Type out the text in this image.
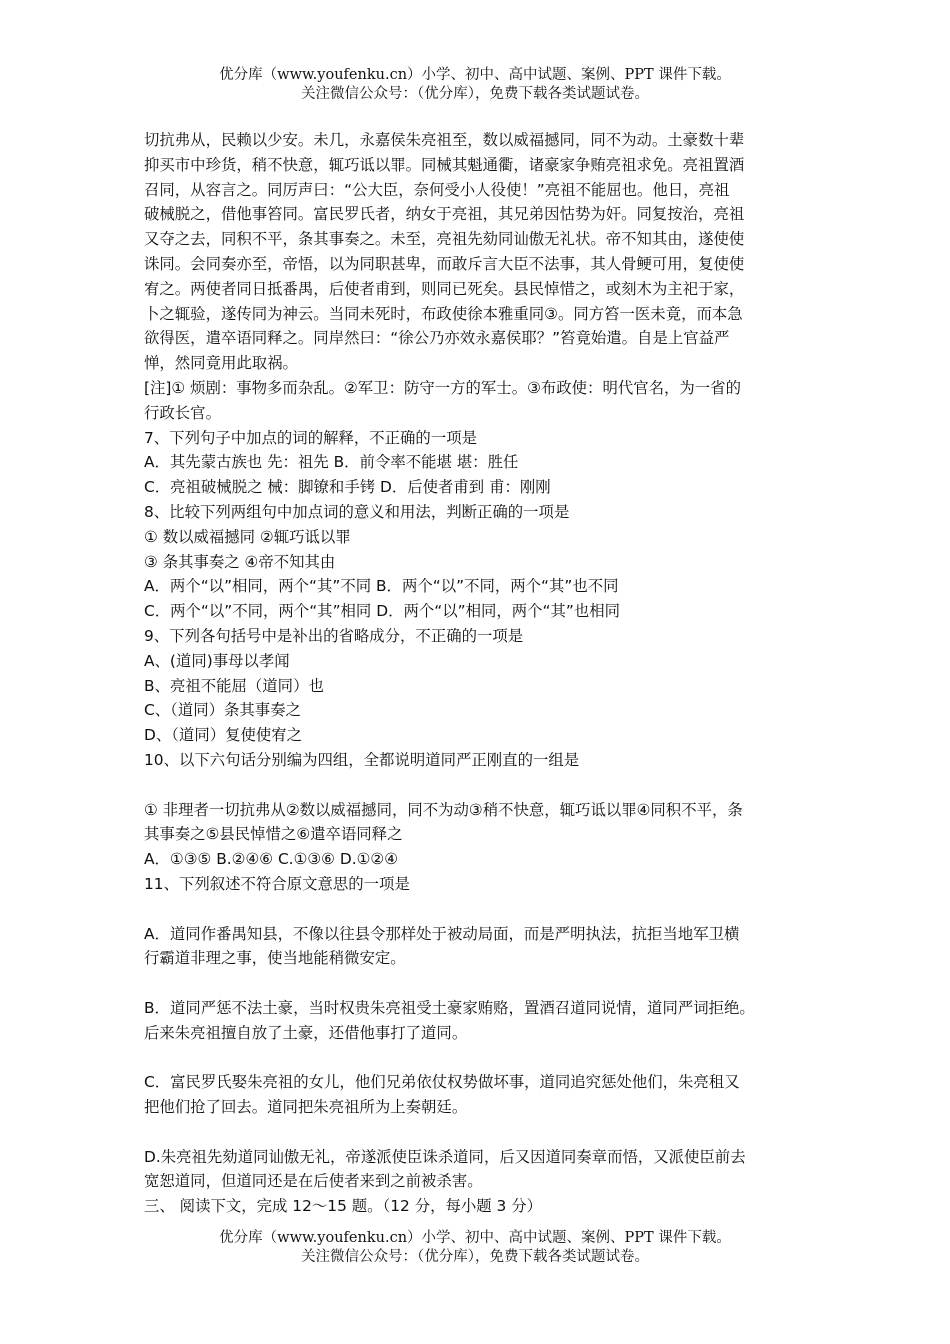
优分库（www.youfenku.cn）小学、初中、高中试题、案例、PPT 课件下载。
关注微信公众号：（优分库），免费下载各类试题试卷。
切抗弗从，民赖以少安。未几，永嘉侯朱亮祖至，数以威福撼同，同不为动。土豪数十辈
抑买市中珍货，稍不快意，辄巧诋以罪。同械其魁通衢，诸豪家争贿亮祖求免。亮祖置酒
召同，从容言之。同厉声曰：“公大臣，奈何受小人役使！”亮祖不能屈也。他日，亮祖
破械脱之，借他事笞同。富民罗氏者，纳女于亮祖，其兄弟因怙势为奸。同复按治，亮祖
又夺之去，同积不平，条其事奏之。未至，亮祖先劾同讪傲无礼状。帝不知其由，遂使使
诛同。会同奏亦至，帝悟，以为同职甚卑，而敢斥言大臣不法事，其人骨鲠可用，复使使
宥之。两使者同日抵番禺，后使者甫到，则同已死矣。县民悼惜之，或刻木为主祀于家，
卜之辄验，遂传同为神云。当同未死时，布政使徐本雅重同③。同方笞一医未竟，而本急
欲得医，遣卒语同释之。同岸然曰：“徐公乃亦效永嘉侯耶？”笞竟始遣。自是上官益严
惮，然同竟用此取祸。
[注]① 烦剧：事物多而杂乱。②军卫：防守一方的军士。③布政使：明代官名，为一省的
行政长官。
7、下列句子中加点的词的解释，不正确的一项是
A．其先蒙古族也 先：祖先 B．前令率不能堪 堪：胜任
C．亮祖破械脱之 械：脚镣和手铐 D．后使者甫到 甫：刚刚
8、比较下列两组句中加点词的意义和用法，判断正确的一项是
① 数以威福撼同 ②辄巧诋以罪
③ 条其事奏之 ④帝不知其由
A．两个“以”相同，两个“其”不同 B．两个“以”不同，两个“其”也不同
C．两个“以”不同，两个“其”相同 D．两个“以”相同，两个“其”也相同
9、下列各句括号中是补出的省略成分，不正确的一项是
A、(道同)事母以孝闻
B、亮祖不能屈（道同）也
C、（道同）条其事奏之
D、（道同）复使使宥之
10、以下六句话分别编为四组，全都说明道同严正刚直的一组是
① 非理者一切抗弗从②数以威福撼同，同不为动③稍不快意，辄巧诋以罪④同积不平，条
其事奏之⑤县民悼惜之⑥遣卒语同释之
A．①③⑤ B.②④⑥ C.①③⑥ D.①②④
11、下列叙述不符合原文意思的一项是
A．道同作番禺知县，不像以往县令那样处于被动局面，而是严明执法，抗拒当地军卫横
行霸道非理之事，使当地能稍微安定。
B．道同严惩不法土豪，当时权贵朱亮祖受土豪家贿赂，置酒召道同说情，道同严词拒绝。
后来朱亮祖擅自放了土豪，还借他事打了道同。
C．富民罗氏娶朱亮祖的女儿，他们兄弟依仗权势做坏事，道同追究惩处他们，朱亮租又
把他们抢了回去。道同把朱亮祖所为上奏朝廷。
D.朱亮祖先劾道同讪傲无礼，帝遂派使臣诛杀道同，后又因道同奏章而悟，又派使臣前去
宽恕道同，但道同还是在后使者来到之前被杀害。
三、 阅读下文，完成 12～15 题。（12 分，每小题 3 分）
优分库（www.youfenku.cn）小学、初中、高中试题、案例、PPT 课件下载。
关注微信公众号：（优分库），免费下载各类试题试卷。
